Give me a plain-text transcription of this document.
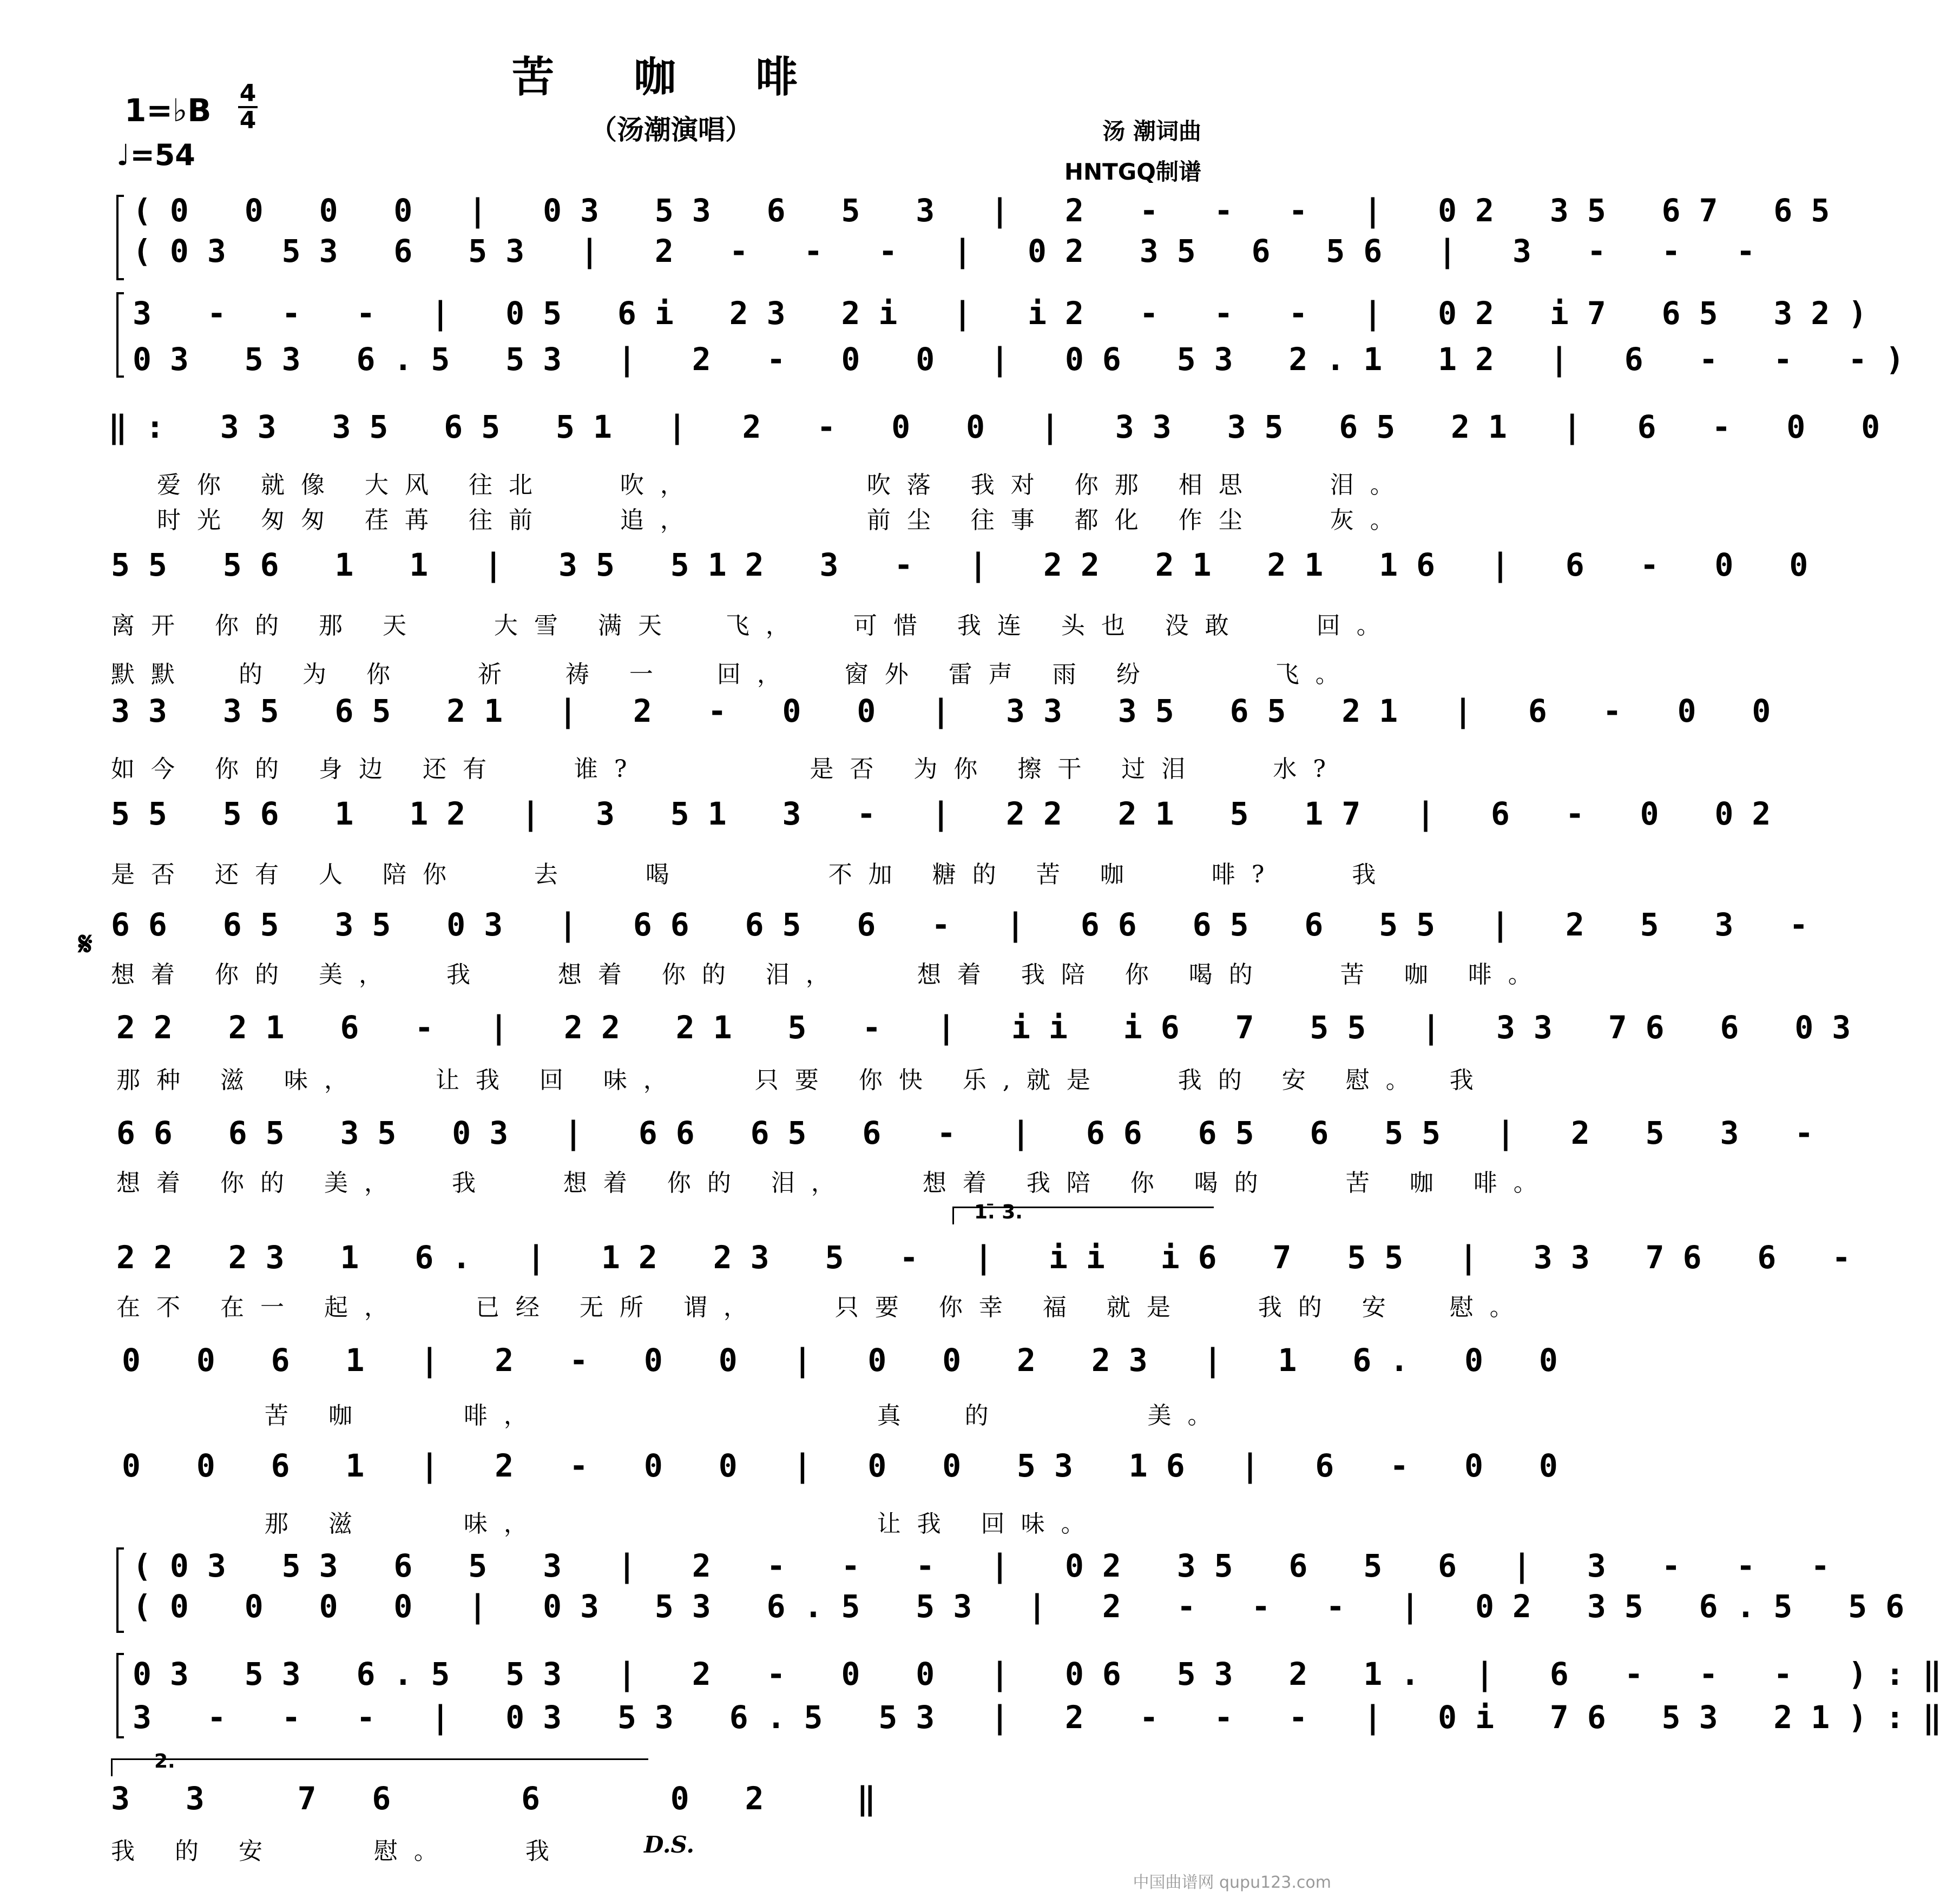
苦 咖 啡
（汤潮演唱）
1=♭B 4
4
♩=54
汤 潮词曲
HNTGQ制谱
(0 0 0 0 | 03 53 6 5 3 | 2 - - - | 02 35 67 65
(03 53 6 53 | 2 - - - | 02 35 6 56 | 3 - - -
3 - - - | 05 6i 23 2i | i2 - - - | 02 i7 65 32)
03 53 6.5 53 | 2 - 0 0 | 06 53 2.1 12 | 6 - - -)
‖: 33 35 65 51 | 2 - 0 0 | 33 35 65 21 | 6 - 0 0
爱你 就像 大风 往北   吹，       吹落 我对 你那 相思   泪。
时光 匆匆 荏苒 往前   追，       前尘 往事 都化 作尘   灰。
55 56 1 1 | 35 512 3 - | 22 21 21 16 | 6 - 0 0
离开 你的 那 天   大雪 满天  飞，  可惜 我连 头也 没敢   回。
默默  的 为 你   祈  祷 一  回，  窗外 雷声 雨 纷     飞。
33 35 65 21 | 2 - 0 0 | 33 35 65 21 | 6 - 0 0
如今 你的 身边 还有   谁?       是否 为你 擦干 过泪   水?
55 56 1 12 | 3 51 3 - | 22 21 5 17 | 6 - 0 02
是否 还有 人 陪你   去   喝      不加 糖的 苦 咖   啡?   我
𝄋
66 65 35 03 | 66 65 6 - | 66 65 6 55 | 2 5 3 -
想着 你的 美，  我   想着 你的 泪，   想着 我陪 你 喝的   苦 咖 啡。
22 21 6 - | 22 21 5 - | ii i6 7 55 | 33 76 6 03
那种 滋 味，   让我 回 味，   只要 你快 乐,就是   我的 安 慰。 我
66 65 35 03 | 66 65 6 - | 66 65 6 55 | 2 5 3 -
想着 你的 美，  我   想着 你的 泪，   想着 我陪 你 喝的   苦 咖 啡。
1.̄ 3.
22 23 1 6. | 12 23 5 - | ii i6 7 55 | 33 76 6 -
在不 在一 起，   已经 无所 谓，   只要 你幸 福 就是   我的 安  慰。
0 0 6 1 | 2 - 0 0 | 0 0 2 23 | 1 6. 0 0
苦 咖    啡，              真  的      美。
0 0 6 1 | 2 - 0 0 | 0 0 53 16 | 6 - 0 0
那 滋    味，              让我 回味。
(03 53 6 5 3 | 2 - - - | 02 35 6 5 6 | 3 - - -
(0 0 0 0 | 03 53 6.5 53 | 2 - - - | 02 35 6.5 56
03 53 6.5 53 | 2 - 0 0 | 06 53 2 1. | 6 - - - ):‖
3 - - - | 03 53 6.5 53 | 2 - - - | 0i 76 53 21):‖
2.
3 3  7 6   6   0 2  ‖
我 的 安    慰。   我	D.S.
中国曲谱网 qupu123.com
